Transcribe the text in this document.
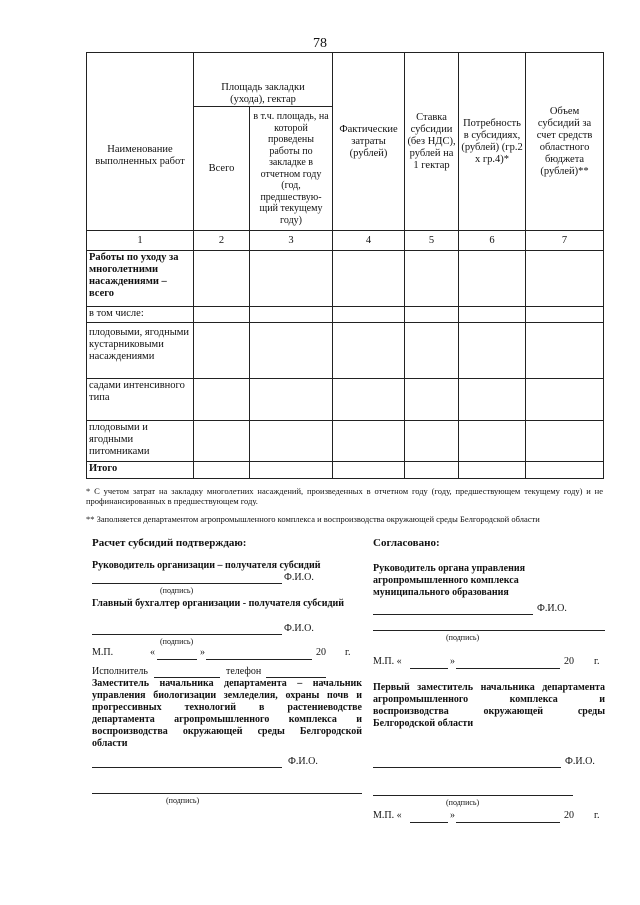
78
Наименование выполненных работ	Площадь закладки (ухода), гектар		Фактические затраты (рублей)	Ставка субсидии (без НДС), рублей на 1 гектар	Потребность в субсидиях, (рублей) (гр.2 х гр.4)*	Объем субсидий за счет средств областного бюджета (рублей)**
	Всего	в т.ч. площадь, на которой проведены работы по закладке в отчетном году (год, предшествую-щий текущему году)				
1	2	3	4	5	6	7
Работы по уходу за многолетними насаждениями – всего						
в том числе:						
плодовыми, ягодными кустарниковыми насаждениями						
садами интенсивного типа						
плодовыми и ягодными питомниками						
Итого						
* С учетом затрат на закладку многолетних насаждений, произведенных в отчетном году (году, предшествующем текущему году) и не профинансированных в предшествующем году.
** Заполняется департаментом агропромышленного комплекса и воспроизводства окружающей среды Белгородской области
Расчет субсидий подтверждаю:
Руководитель организации – получателя субсидий
Ф.И.О.
(подпись)
Главный бухгалтер организации - получателя субсидий
Ф.И.О.
(подпись)
М.П.	«	»	20 г.
Исполнитель	телефон
Заместитель начальника департамента – начальник управления биологизации земледелия, охраны почв и прогрессивных технологий в растениеводстве департамента агропромышленного комплекса и воспроизводства окружающей среды Белгородской области
Ф.И.О.
(подпись)
Согласовано:
Руководитель органа управления агропромышленного комплекса муниципального образования
Ф.И.О.
(подпись)
М.П. «	»	20 г.
Первый заместитель начальника департамента агропромышленного комплекса и воспроизводства окружающей среды Белгородской области
Ф.И.О.
(подпись)
М.П. «	»	20 г.
